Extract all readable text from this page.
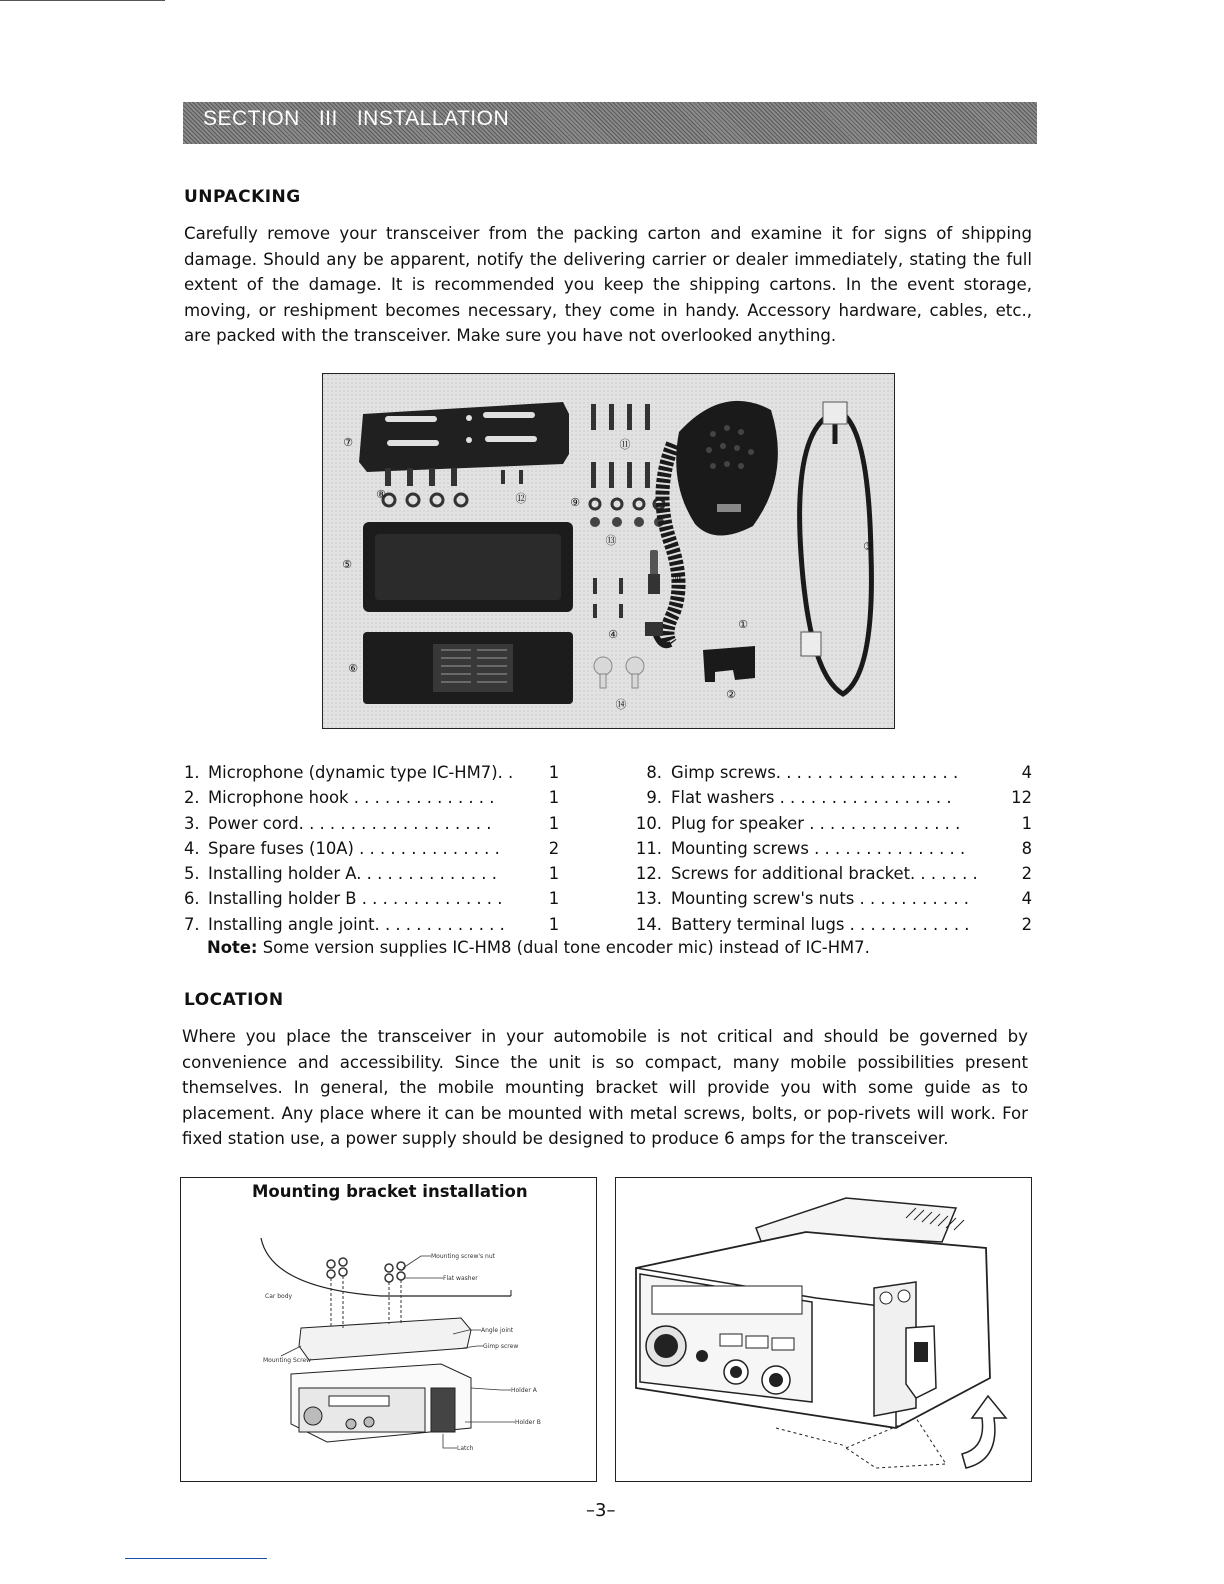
SECTION   III   INSTALLATION
UNPACKING
Carefully remove your transceiver from the packing carton and examine it for signs of shipping damage. Should any be apparent, notify the delivering carrier or dealer immediately, stating the full extent of the damage. It is recommended you keep the shipping cartons. In the event storage, moving, or reshipment becomes necessary, they come in handy. Accessory hardware, cables, etc., are packed with the transceiver. Make sure you have not overlooked anything.
⑦	⑪
⑧	⑫	⑨
⑬
⑤
③
⑩
④
①
⑥
②
⑭
1. Microphone (dynamic type IC-HM7). .	1
2. Microphone hook . . . . . . . . . . . . . .	1
3. Power cord. . . . . . . . . . . . . . . . . . .	1
4. Spare fuses (10A) . . . . . . . . . . . . . .	2
5. Installing holder A. . . . . . . . . . . . . .	1
6. Installing holder B . . . . . . . . . . . . . .	1
7. Installing angle joint. . . . . . . . . . . . .	1
8. Gimp screws. . . . . . . . . . . . . . . . . .	4
9. Flat washers . . . . . . . . . . . . . . . . .	12
10. Plug for speaker . . . . . . . . . . . . . . .	1
11. Mounting screws . . . . . . . . . . . . . . .	8
12. Screws for additional bracket. . . . . . .	2
13. Mounting screw's nuts . . . . . . . . . . .	4
14. Battery terminal lugs . . . . . . . . . . . .	2
Note: Some version supplies IC-HM8 (dual tone encoder mic) instead of IC-HM7.
LOCATION
Where you place the transceiver in your automobile is not critical and should be governed by convenience and accessibility. Since the unit is so compact, many mobile possibilities present themselves. In general, the mobile mounting bracket will provide you with some guide as to placement. Any place where it can be mounted with metal screws, bolts, or pop-rivets will work. For fixed station use, a power supply should be designed to produce 6 amps for the transceiver.
Mounting screw's nut
Flat washer
Car body
Angle joint
Gimp screw
Mounting Screw
Holder A
Holder B
Latch
Mounting bracket installation
–3–
